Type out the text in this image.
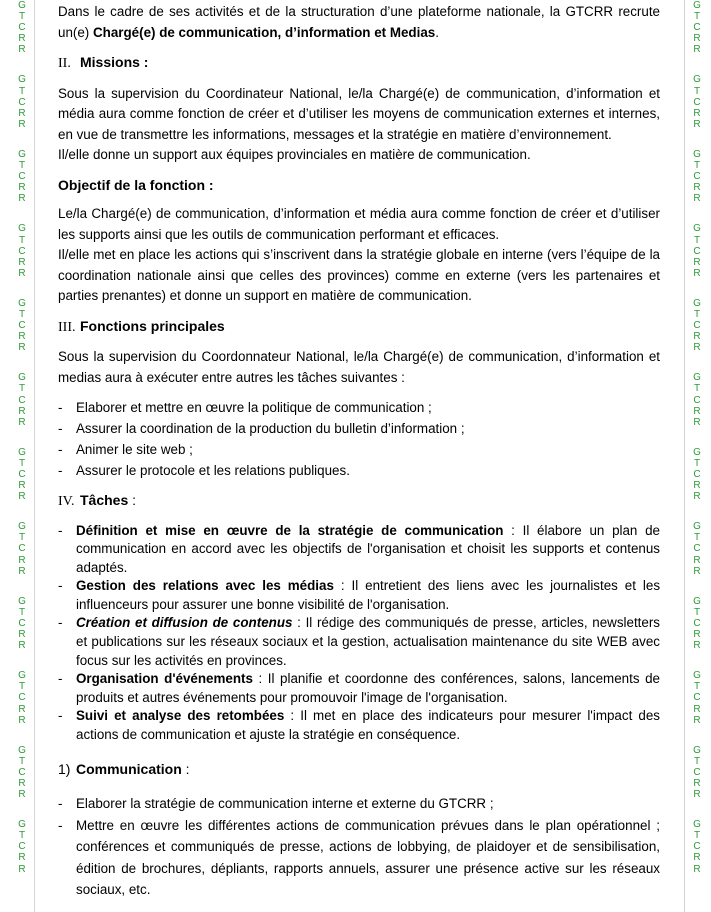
G
T
C
R
R

G
T
C
R
R

G
T
C
R
R

G
T
C
R
R

G
T
C
R
R

G
T
C
R
R

G
T
C
R
R

G
T
C
R
R

G
T
C
R
R

G
T
C
R
R

G
T
C
R
R

G
T
C
R
R

G
T
C
R
R

G
T
C
R
R

G
T
C
R
R

G
T
C
R
R

G
T
C
R
R

G
T
C
R
R

G
T
C
R
R

G
T
C
R
R

G
T
C
R
R

G
T
C
R
R

G
T
C
R
R

G
T
C
R
R

Dans le cadre de ses activités et de la structuration d’une plateforme nationale, la GTCRR recrute un(e) Chargé(e) de communication, d’information et Medias.

II. Missions :

Sous la supervision du Coordinateur National, le/la Chargé(e) de communication, d’information et média aura comme fonction de créer et d’utiliser les moyens de communication externes et internes, en vue de transmettre les informations, messages et la stratégie en matière d’environnement.

Il/elle donne un support aux équipes provinciales en matière de communication.

Objectif de la fonction :

Le/la Chargé(e) de communication, d’information et média aura comme fonction de créer et d’utiliser les supports ainsi que les outils de communication performant et efficaces.

Il/elle met en place les actions qui s’inscrivent dans la stratégie globale en interne (vers l’équipe de la coordination nationale ainsi que celles des provinces) comme en externe (vers les partenaires et parties prenantes) et donne un support en matière de communication.

III. Fonctions principales

Sous la supervision du Coordonnateur National, le/la Chargé(e) de communication, d’information et medias aura à exécuter entre autres les tâches suivantes :

- Elaborer et mettre en œuvre la politique de communication ;
- Assurer la coordination de la production du bulletin d’information ;
- Animer le site web ;
- Assurer le protocole et les relations publiques.

IV. Tâches :

- Définition et mise en œuvre de la stratégie de communication : Il élabore un plan de communication en accord avec les objectifs de l'organisation et choisit les supports et contenus adaptés.
- Gestion des relations avec les médias : Il entretient des liens avec les journalistes et les influenceurs pour assurer une bonne visibilité de l'organisation.
- Création et diffusion de contenus : Il rédige des communiqués de presse, articles, newsletters et publications sur les réseaux sociaux et la gestion, actualisation maintenance du site WEB avec focus sur les activités en provinces.
- Organisation d'événements : Il planifie et coordonne des conférences, salons, lancements de produits et autres événements pour promouvoir l'image de l'organisation.
- Suivi et analyse des retombées : Il met en place des indicateurs pour mesurer l'impact des actions de communication et ajuste la stratégie en conséquence.

1) Communication :

- Elaborer la stratégie de communication interne et externe du GTCRR ;
- Mettre en œuvre les différentes actions de communication prévues dans le plan opérationnel ; conférences et communiqués de presse, actions de lobbying, de plaidoyer et de sensibilisation, édition de brochures, dépliants, rapports annuels, assurer une présence active sur les réseaux sociaux, etc.
